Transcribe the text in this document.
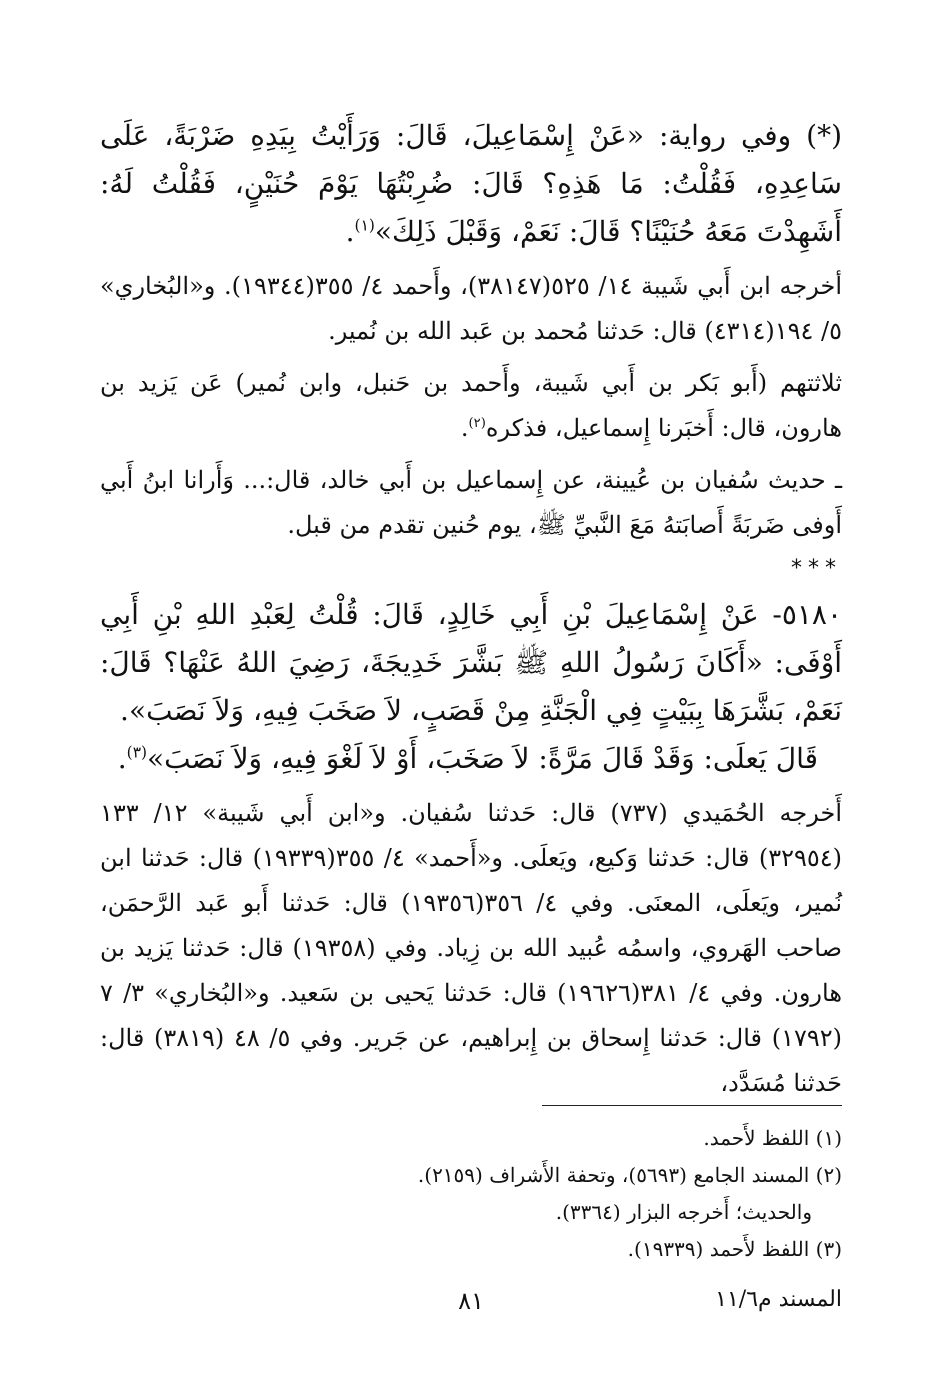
(*) وفي رواية: «عَنْ إِسْمَاعِيلَ، قَالَ: وَرَأَيْتُ بِيَدِهِ ضَرْبَةً، عَلَى سَاعِدِهِ، فَقُلْتُ: مَا هَذِهِ؟ قَالَ: ضُرِبْتُهَا يَوْمَ حُنَيْنٍ، فَقُلْتُ لَهُ: أَشَهِدْتَ مَعَهُ حُنَيْنًا؟ قَالَ: نَعَمْ، وَقَبْلَ ذَلِكَ»$^{(١)}$.

أخرجه ابن أَبي شَيبة ١٤/ ٥٢٥(٣٨١٤٧)، وأَحمد ٤/ ٣٥٥(١٩٣٤٤). و«البُخاري» ٥/ ١٩٤(٤٣١٤) قال: حَدثنا مُحمد بن عَبد الله بن نُمير.

ثلاثتهم (أَبو بَكر بن أَبي شَيبة، وأَحمد بن حَنبل، وابن نُمير) عَن يَزيد بن هارون، قال: أَخبَرنا إِسماعيل، فذكره$^{(٢)}$.

ـ حديث سُفيان بن عُيينة، عن إِسماعيل بن أَبي خالد، قال:... وَأَرانا ابنُ أَبي أَوفى ضَربَةً أَصابَتهُ مَعَ النَّبيِّ ﷺ، يوم حُنين تقدم من قبل.

***

٥١٨٠- عَنْ إِسْمَاعِيلَ بْنِ أَبِي خَالِدٍ، قَالَ: قُلْتُ لِعَبْدِ اللهِ بْنِ أَبِي أَوْفَى: «أَكَانَ رَسُولُ اللهِ ﷺ بَشَّرَ خَدِيجَةَ، رَضِيَ اللهُ عَنْهَا؟ قَالَ: نَعَمْ، بَشَّرَهَا بِبَيْتٍ فِي الْجَنَّةِ مِنْ قَصَبٍ، لاَ صَخَبَ فِيهِ، وَلاَ نَصَبَ».

قَالَ يَعلَى: وَقَدْ قَالَ مَرَّةً: لاَ صَخَبَ، أَوْ لاَ لَغْوَ فِيهِ، وَلاَ نَصَبَ»$^{(٣)}$.

أَخرجه الحُمَيدي (٧٣٧) قال: حَدثنا سُفيان. و«ابن أَبي شَيبة» ١٢/ ١٣٣ (٣٢٩٥٤) قال: حَدثنا وَكيع، ويَعلَى. و«أَحمد» ٤/ ٣٥٥(١٩٣٣٩) قال: حَدثنا ابن نُمير، ويَعلَى، المعنَى. وفي ٤/ ٣٥٦(١٩٣٥٦) قال: حَدثنا أَبو عَبد الرَّحمَن، صاحب الهَروي، واسمُه عُبيد الله بن زِياد. وفي (١٩٣٥٨) قال: حَدثنا يَزيد بن هارون. وفي ٤/ ٣٨١(١٩٦٢٦) قال: حَدثنا يَحيى بن سَعيد. و«البُخاري» ٣/ ٧ (١٧٩٢) قال: حَدثنا إِسحاق بن إِبراهيم، عن جَرير. وفي ٥/ ٤٨ (٣٨١٩) قال: حَدثنا مُسَدَّد،

(١) اللفظ لأَحمد.

(٢) المسند الجامع (٥٦٩٣)، وتحفة الأَشراف (٢١٥٩).

والحديث؛ أَخرجه البزار (٣٣٦٤).

(٣) اللفظ لأَحمد (١٩٣٣٩).

المسند م١١/٦
٨١
